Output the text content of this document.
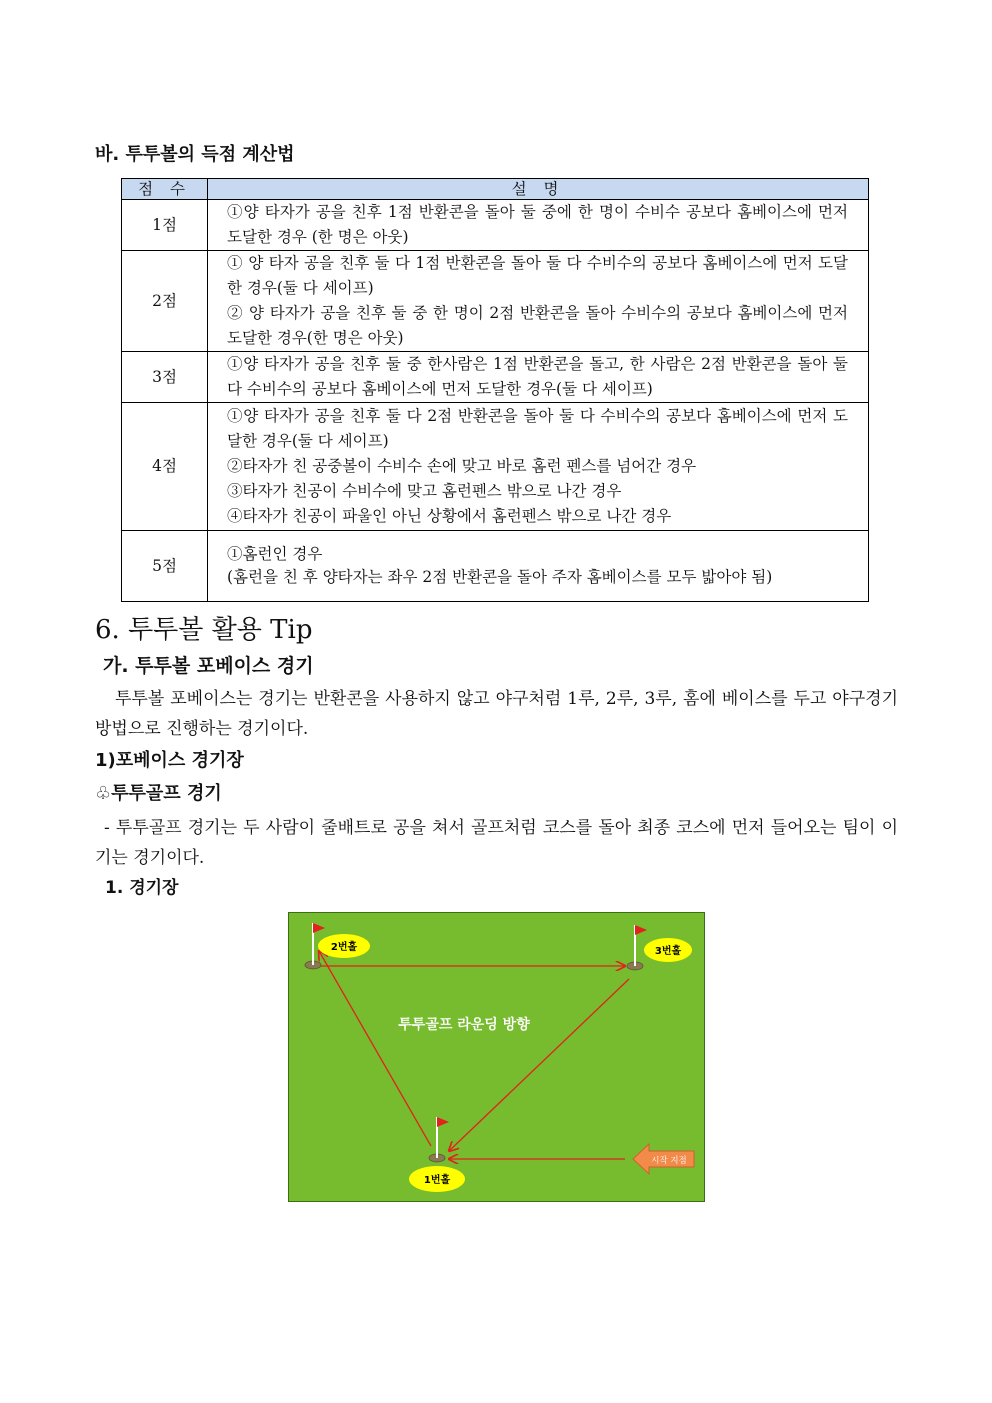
바. 투투볼의 득점 계산법
점 수	설 명
1점	①양 타자가 공을 친후 1점 반환콘을 돌아 둘 중에 한 명이 수비수 공보다 홈베이스에 먼저 도달한 경우 (한 명은 아웃)

2점	① 양 타자 공을 친후 둘 다 1점 반환콘을 돌아 둘 다 수비수의 공보다 홈베이스에 먼저 도달한 경우(둘 다 세이프)
② 양 타자가 공을 친후 둘 중 한 명이 2점 반환콘을 돌아 수비수의 공보다 홈베이스에 먼저 도달한 경우(한 명은 아웃)

3점	①양 타자가 공을 친후 둘 중 한사람은 1점 반환콘을 돌고, 한 사람은 2점 반환콘을 돌아 둘 다 수비수의 공보다 홈베이스에 먼저 도달한 경우(둘 다 세이프)

4점	①양 타자가 공을 친후 둘 다 2점 반환콘을 돌아 둘 다 수비수의 공보다 홈베이스에 먼저 도달한 경우(둘 다 세이프)
②타자가 친 공중볼이 수비수 손에 맞고 바로 홈런 펜스를 넘어간 경우
③타자가 친공이 수비수에 맞고 홈런펜스 밖으로 나간 경우
④타자가 친공이 파울인 아닌 상황에서 홈런펜스 밖으로 나간 경우

5점	①홈런인 경우
(홈런을 친 후 양타자는 좌우 2점 반환콘을 돌아 주자 홈베이스를 모두 밟아야 됨)
6. 투투볼 활용 Tip
가. 투투볼 포베이스 경기
투투볼 포베이스는 경기는 반환콘을 사용하지 않고 야구처럼 1루, 2루, 3루, 홈에 베이스를 두고 야구경기방법으로 진행하는 경기이다.
1)포베이스 경기장
♧투투골프 경기
- 투투골프 경기는 두 사람이 줄배트로 공을 쳐서 골프처럼 코스를 돌아 최종 코스에 먼저 들어오는 팀이 이기는 경기이다.
1. 경기장
2번홀	3번홀
1번홀
시작 지점
투투골프 라운딩 방향
